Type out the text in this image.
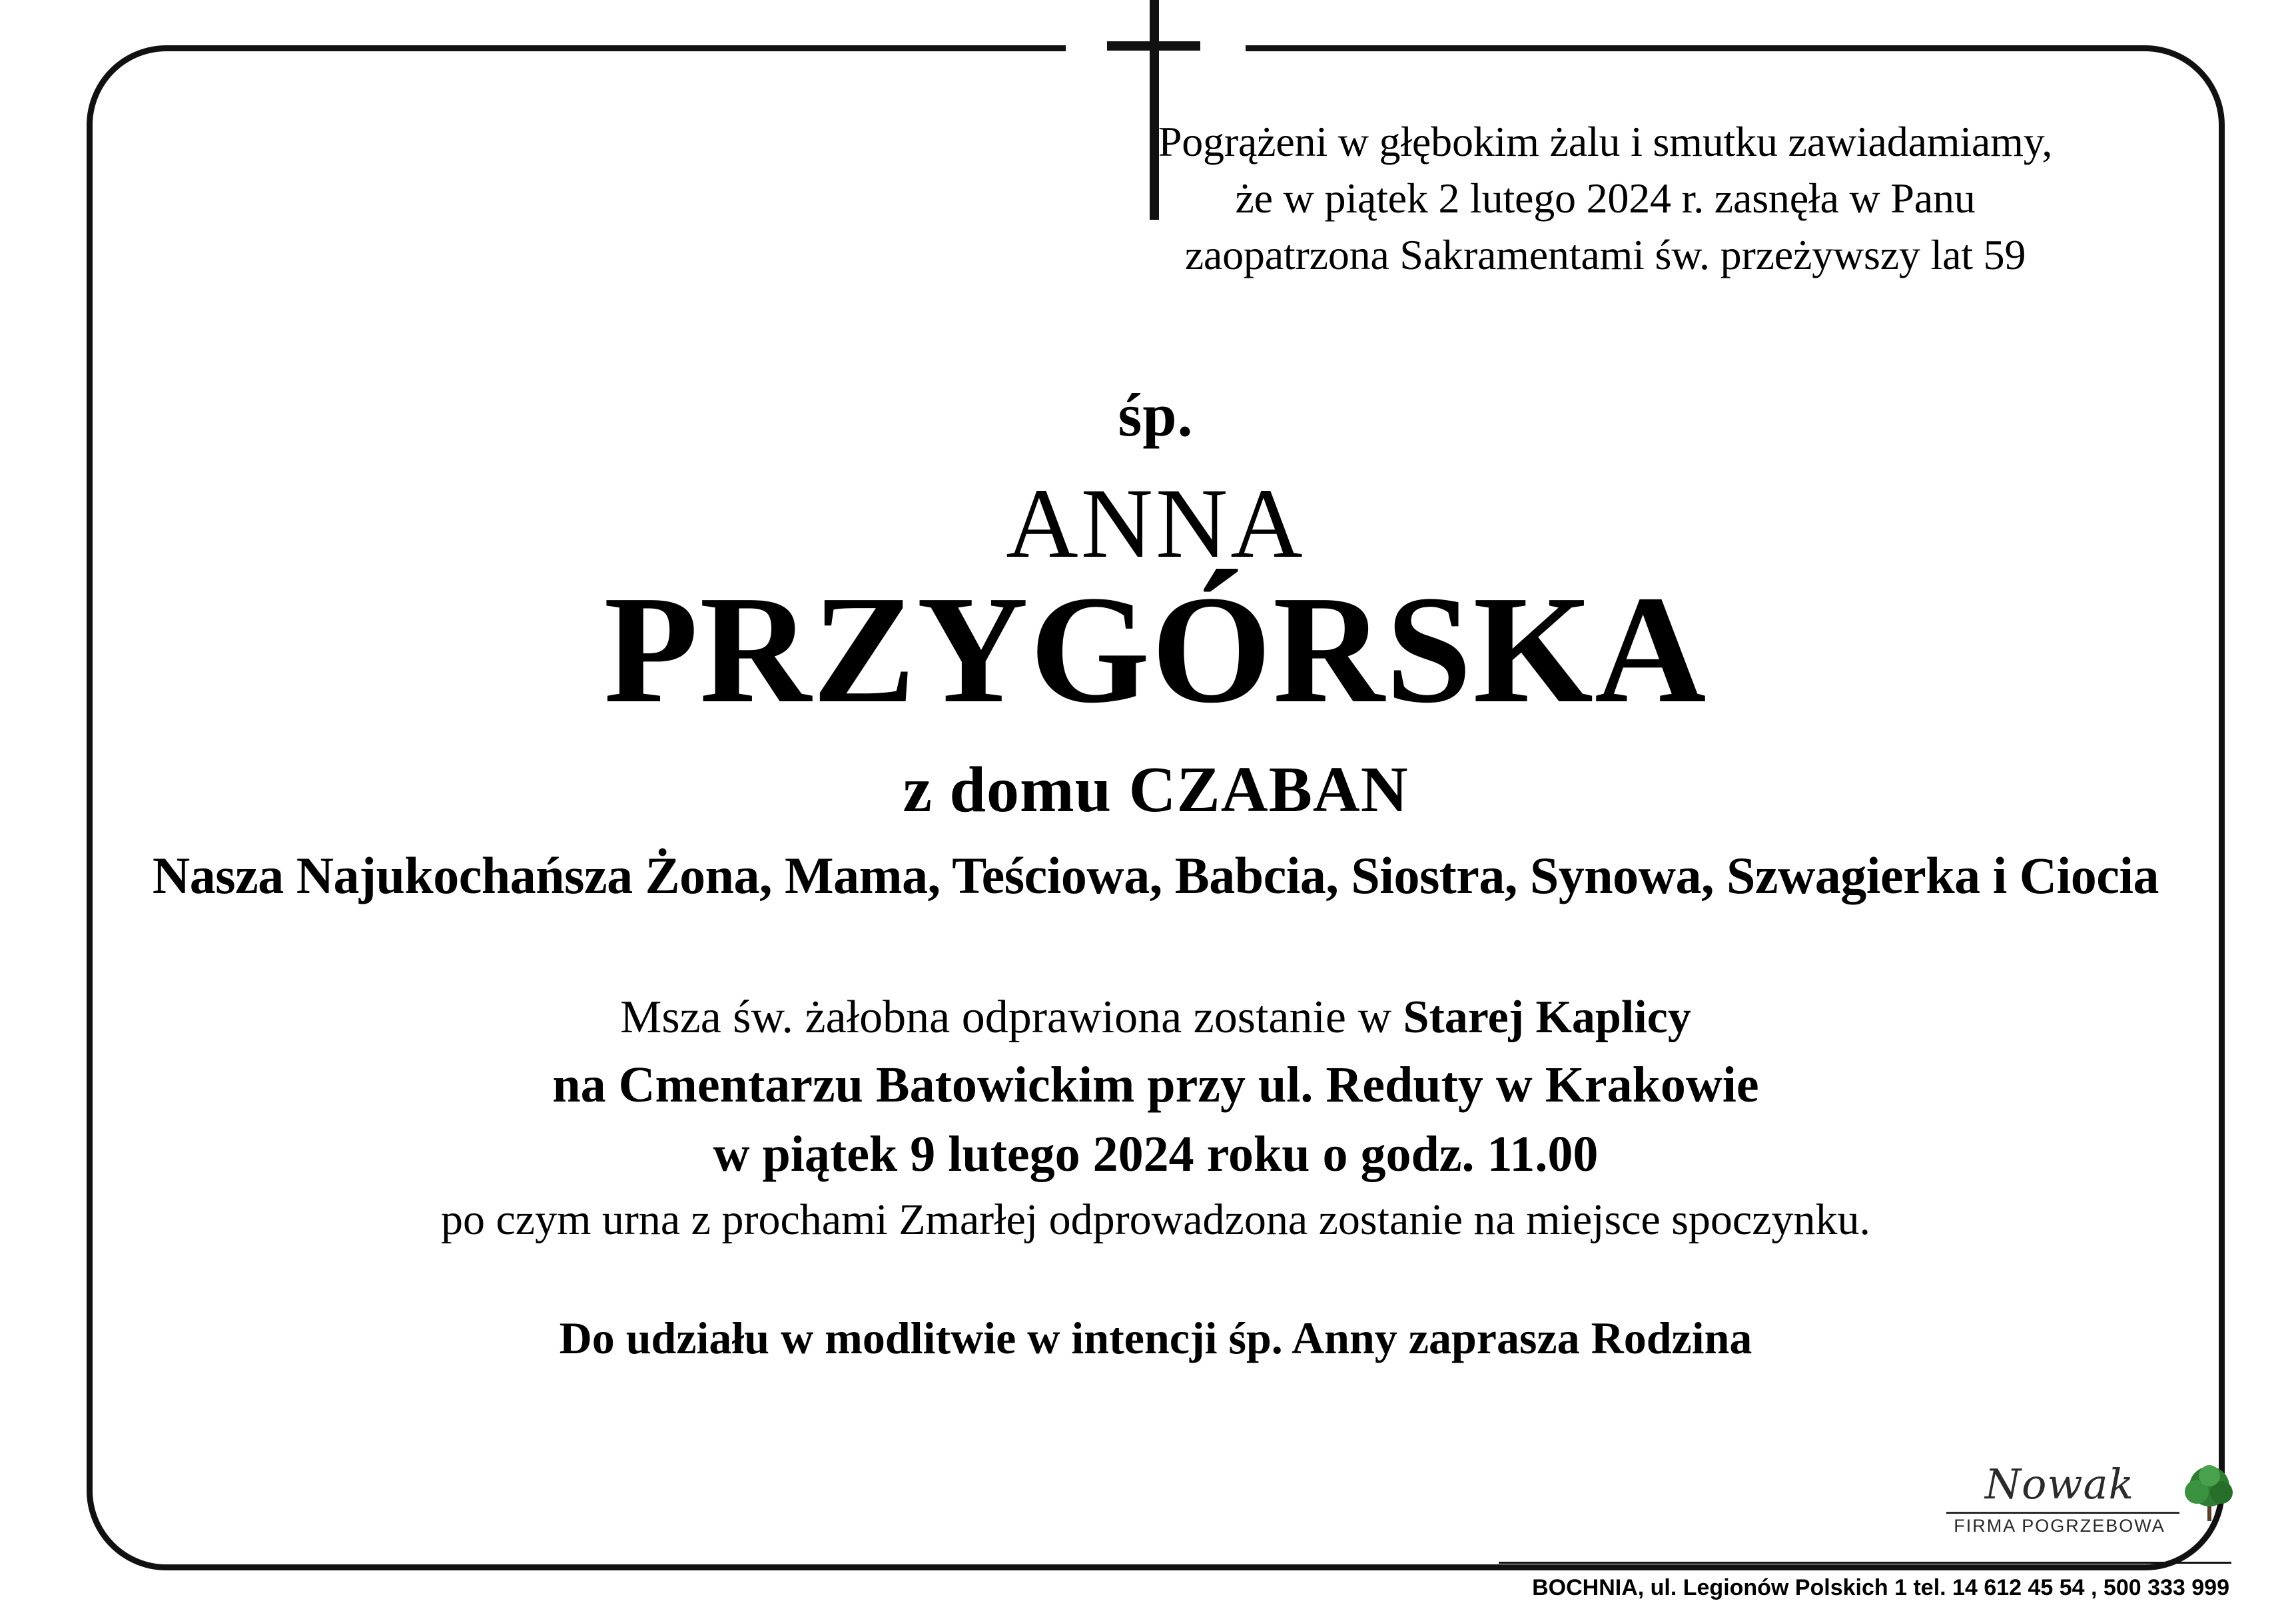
Pogrążeni w głębokim żalu i smutku zawiadamiamy,
że w piątek 2 lutego 2024 r. zasnęła w Panu
zaopatrzona Sakramentami św. przeżywszy lat 59
śp.
ANNA
PRZYGÓRSKA
z domu CZABAN
Nasza Najukochańsza Żona, Mama, Teściowa, Babcia, Siostra, Synowa, Szwagierka i Ciocia
Msza św. żałobna odprawiona zostanie w Starej Kaplicy
na Cmentarzu Batowickim przy ul. Reduty w Krakowie
w piątek 9 lutego 2024 roku o godz. 11.00
po czym urna z prochami Zmarłej odprowadzona zostanie na miejsce spoczynku.
Do udziału w modlitwie w intencji śp. Anny zaprasza Rodzina
Nowak
FIRMA POGRZEBOWA
BOCHNIA, ul. Legionów Polskich 1 tel. 14 612 45 54 , 500 333 999
